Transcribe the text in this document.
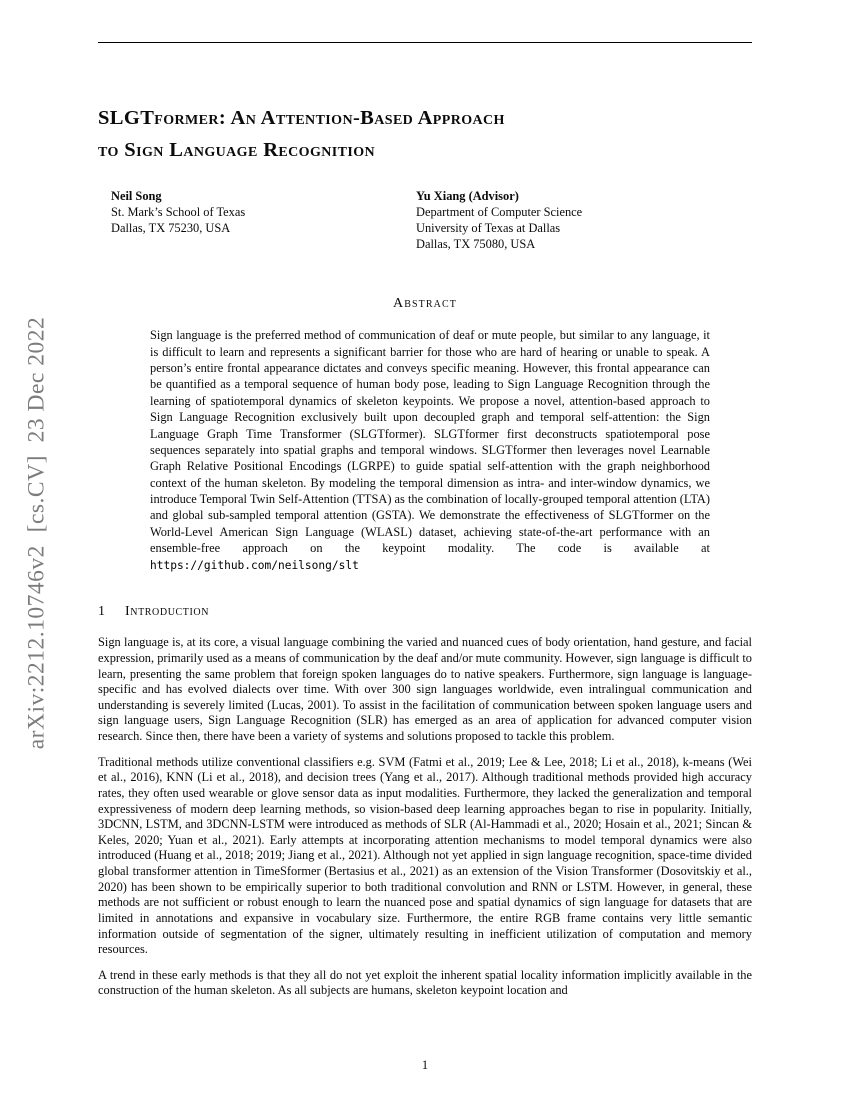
arXiv:2212.10746v2  [cs.CV]  23 Dec 2022
SLGTformer: An Attention-Based Approach
to Sign Language Recognition
Neil Song
St. Mark’s School of Texas
Dallas, TX 75230, USA
Yu Xiang (Advisor)
Department of Computer Science
University of Texas at Dallas
Dallas, TX 75080, USA
Abstract
Sign language is the preferred method of communication of deaf or mute people, but similar to any language, it is difficult to learn and represents a significant barrier for those who are hard of hearing or unable to speak. A person’s entire frontal appearance dictates and conveys specific meaning. However, this frontal appearance can be quantified as a temporal sequence of human body pose, leading to Sign Language Recognition through the learning of spatiotemporal dynamics of skeleton keypoints. We propose a novel, attention-based approach to Sign Language Recognition exclusively built upon decoupled graph and temporal self-attention: the Sign Language Graph Time Transformer (SLGTformer). SLGTformer first deconstructs spatiotemporal pose sequences separately into spatial graphs and temporal windows. SLGTformer then leverages novel Learnable Graph Relative Positional Encodings (LGRPE) to guide spatial self-attention with the graph neighborhood context of the human skeleton. By modeling the temporal dimension as intra- and inter-window dynamics, we introduce Temporal Twin Self-Attention (TTSA) as the combination of locally-grouped temporal attention (LTA) and global sub-sampled temporal attention (GSTA). We demonstrate the effectiveness of SLGTformer on the World-Level American Sign Language (WLASL) dataset, achieving state-of-the-art performance with an ensemble-free approach on the keypoint modality. The code is available at https://github.com/neilsong/slt
1 Introduction

Sign language is, at its core, a visual language combining the varied and nuanced cues of body orientation, hand gesture, and facial expression, primarily used as a means of communication by the deaf and/or mute community. However, sign language is difficult to learn, presenting the same problem that foreign spoken languages do to native speakers. Furthermore, sign language is language-specific and has evolved dialects over time. With over 300 sign languages worldwide, even intralingual communication and understanding is severely limited (Lucas, 2001). To assist in the facilitation of communication between spoken language users and sign language users, Sign Language Recognition (SLR) has emerged as an area of application for advanced computer vision research. Since then, there have been a variety of systems and solutions proposed to tackle this problem.

Traditional methods utilize conventional classifiers e.g. SVM (Fatmi et al., 2019; Lee & Lee, 2018; Li et al., 2018), k-means (Wei et al., 2016), KNN (Li et al., 2018), and decision trees (Yang et al., 2017). Although traditional methods provided high accuracy rates, they often used wearable or glove sensor data as input modalities. Furthermore, they lacked the generalization and temporal expressiveness of modern deep learning methods, so vision-based deep learning approaches began to rise in popularity. Initially, 3DCNN, LSTM, and 3DCNN-LSTM were introduced as methods of SLR (Al-Hammadi et al., 2020; Hosain et al., 2021; Sincan & Keles, 2020; Yuan et al., 2021). Early attempts at incorporating attention mechanisms to model temporal dynamics were also introduced (Huang et al., 2018; 2019; Jiang et al., 2021). Although not yet applied in sign language recognition, space-time divided global transformer attention in TimeSformer (Bertasius et al., 2021) as an extension of the Vision Transformer (Dosovitskiy et al., 2020) has been shown to be empirically superior to both traditional convolution and RNN or LSTM. However, in general, these methods are not sufficient or robust enough to learn the nuanced pose and spatial dynamics of sign language for datasets that are limited in annotations and expansive in vocabulary size. Furthermore, the entire RGB frame contains very little semantic information outside of segmentation of the signer, ultimately resulting in inefficient utilization of computation and memory resources.

A trend in these early methods is that they all do not yet exploit the inherent spatial locality information implicitly available in the construction of the human skeleton. As all subjects are humans, skeleton keypoint location and

1
